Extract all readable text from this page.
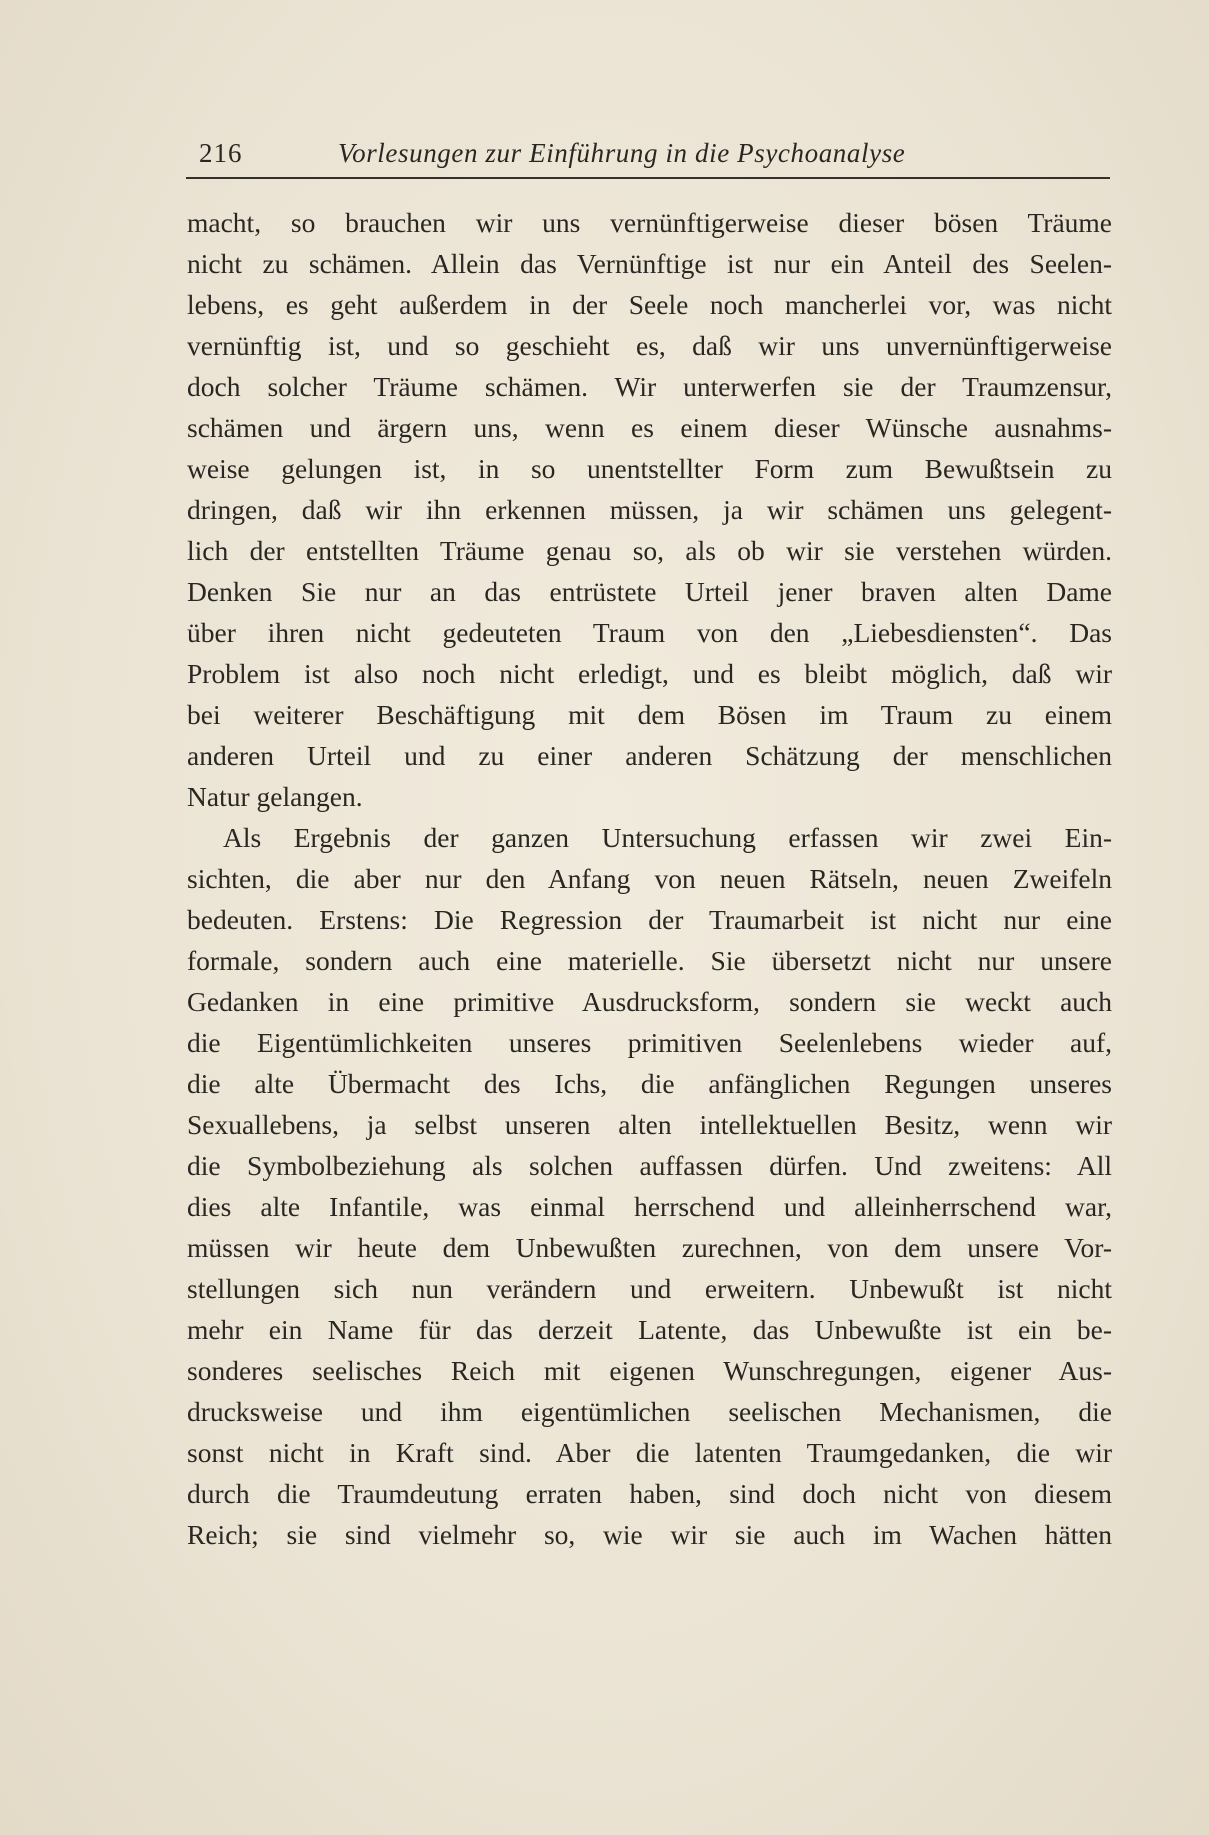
216	Vorlesungen zur Einführung in die Psychoanalyse
macht, so brauchen wir uns vernünftigerweise dieser bösen Träume
nicht zu schämen. Allein das Vernünftige ist nur ein Anteil des Seelen-
lebens, es geht außerdem in der Seele noch mancherlei vor, was nicht
vernünftig ist, und so geschieht es, daß wir uns unvernünftigerweise
doch solcher Träume schämen. Wir unterwerfen sie der Traumzensur,
schämen und ärgern uns, wenn es einem dieser Wünsche ausnahms-
weise gelungen ist, in so unentstellter Form zum Bewußtsein zu
dringen, daß wir ihn erkennen müssen, ja wir schämen uns gelegent-
lich der entstellten Träume genau so, als ob wir sie verstehen würden.
Denken Sie nur an das entrüstete Urteil jener braven alten Dame
über ihren nicht gedeuteten Traum von den „Liebesdiensten“. Das
Problem ist also noch nicht erledigt, und es bleibt möglich, daß wir
bei weiterer Beschäftigung mit dem Bösen im Traum zu einem
anderen Urteil und zu einer anderen Schätzung der menschlichen
Natur gelangen.
Als Ergebnis der ganzen Untersuchung erfassen wir zwei Ein-
sichten, die aber nur den Anfang von neuen Rätseln, neuen Zweifeln
bedeuten. Erstens: Die Regression der Traumarbeit ist nicht nur eine
formale, sondern auch eine materielle. Sie übersetzt nicht nur unsere
Gedanken in eine primitive Ausdrucksform, sondern sie weckt auch
die Eigentümlichkeiten unseres primitiven Seelenlebens wieder auf,
die alte Übermacht des Ichs, die anfänglichen Regungen unseres
Sexuallebens, ja selbst unseren alten intellektuellen Besitz, wenn wir
die Symbolbeziehung als solchen auffassen dürfen. Und zweitens: All
dies alte Infantile, was einmal herrschend und alleinherrschend war,
müssen wir heute dem Unbewußten zurechnen, von dem unsere Vor-
stellungen sich nun verändern und erweitern. Unbewußt ist nicht
mehr ein Name für das derzeit Latente, das Unbewußte ist ein be-
sonderes seelisches Reich mit eigenen Wunschregungen, eigener Aus-
drucksweise und ihm eigentümlichen seelischen Mechanismen, die
sonst nicht in Kraft sind. Aber die latenten Traumgedanken, die wir
durch die Traumdeutung erraten haben, sind doch nicht von diesem
Reich; sie sind vielmehr so, wie wir sie auch im Wachen hätten
